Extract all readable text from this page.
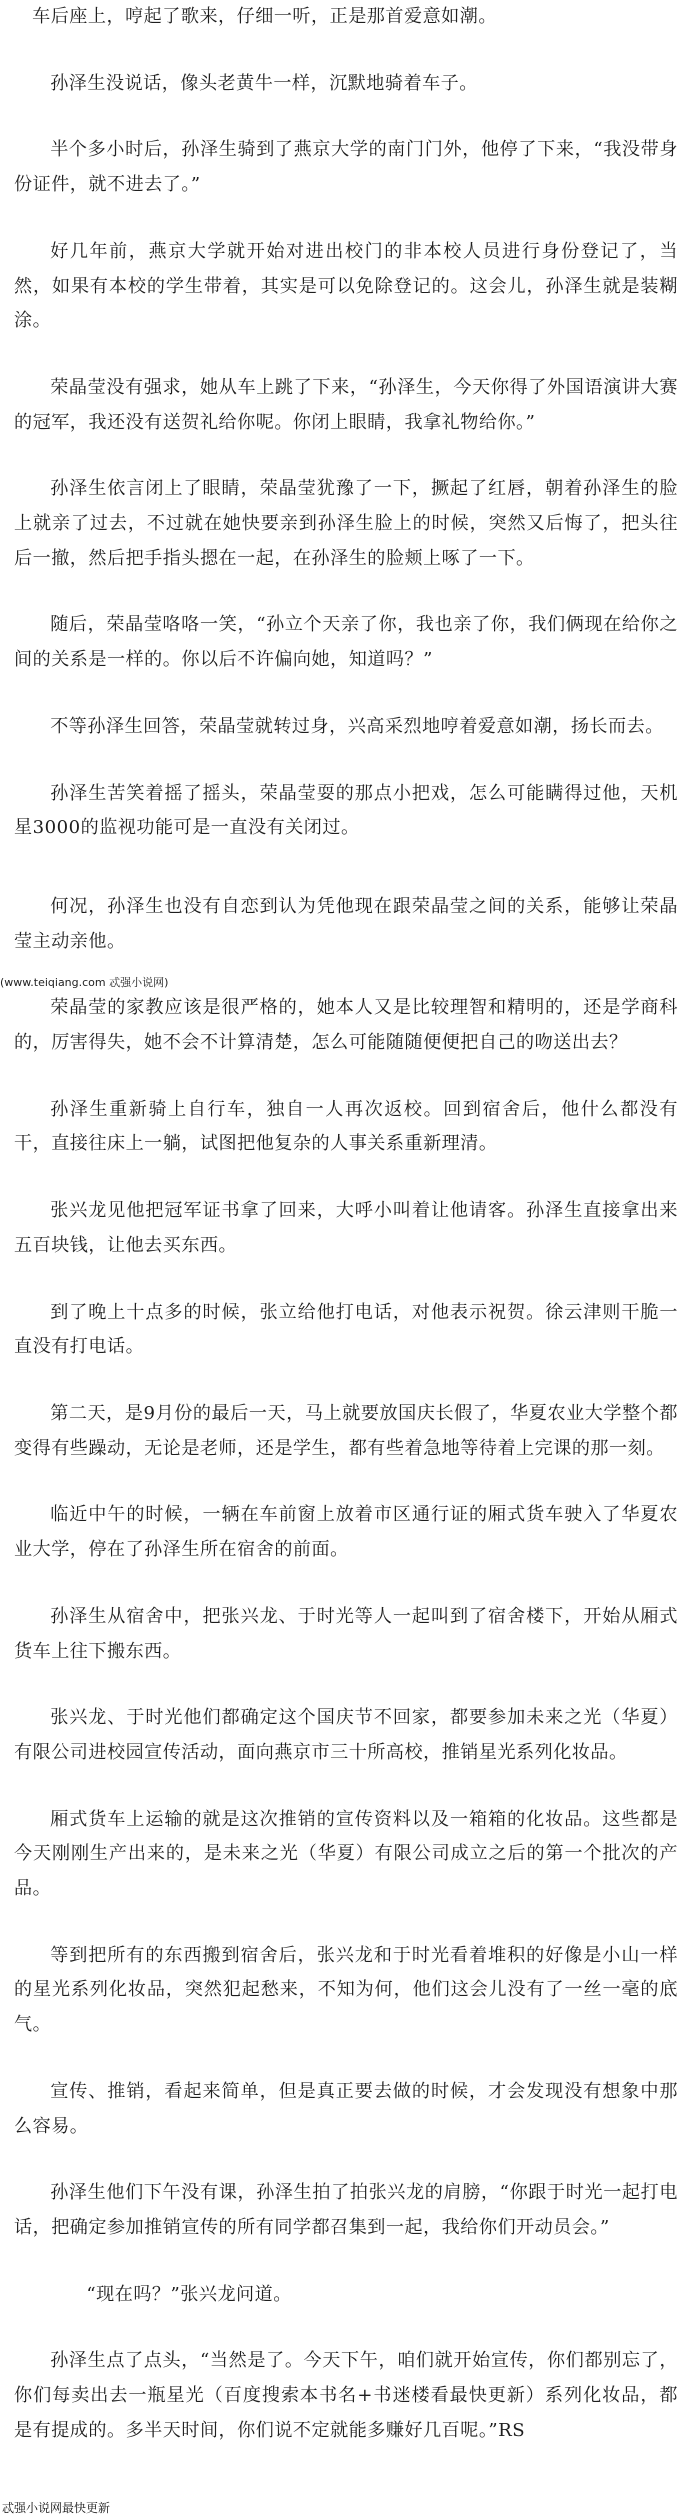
车后座上，哼起了歌来，仔细一听，正是那首爱意如潮。

孙泽生没说话，像头老黄牛一样，沉默地骑着车子。

半个多小时后，孙泽生骑到了燕京大学的南门门外，他停了下来，“我没带身份证件，就不进去了。”

好几年前，燕京大学就开始对进出校门的非本校人员进行身份登记了，当然，如果有本校的学生带着，其实是可以免除登记的。这会儿，孙泽生就是装糊涂。

荣晶莹没有强求，她从车上跳了下来，“孙泽生，今天你得了外国语演讲大赛的冠军，我还没有送贺礼给你呢。你闭上眼睛，我拿礼物给你。”

孙泽生依言闭上了眼睛，荣晶莹犹豫了一下，撅起了红唇，朝着孙泽生的脸上就亲了过去，不过就在她快要亲到孙泽生脸上的时候，突然又后悔了，把头往后一撤，然后把手指头摁在一起，在孙泽生的脸颊上啄了一下。

随后，荣晶莹咯咯一笑，“孙立个天亲了你，我也亲了你，我们俩现在给你之间的关系是一样的。你以后不许偏向她，知道吗？”

不等孙泽生回答，荣晶莹就转过身，兴高采烈地哼着爱意如潮，扬长而去。

孙泽生苦笑着摇了摇头，荣晶莹耍的那点小把戏，怎么可能瞒得过他，天机星3000的监视功能可是一直没有关闭过。

何况，孙泽生也没有自恋到认为凭他现在跟荣晶莹之间的关系，能够让荣晶莹主动亲他。

荣晶莹的家教应该是很严格的，她本人又是比较理智和精明的，还是学商科的，厉害得失，她不会不计算清楚，怎么可能随随便便把自己的吻送出去？

孙泽生重新骑上自行车，独自一人再次返校。回到宿舍后，他什么都没有干，直接往床上一躺，试图把他复杂的人事关系重新理清。

张兴龙见他把冠军证书拿了回来，大呼小叫着让他请客。孙泽生直接拿出来五百块钱，让他去买东西。

到了晚上十点多的时候，张立给他打电话，对他表示祝贺。徐云津则干脆一直没有打电话。

第二天，是9月份的最后一天，马上就要放国庆长假了，华夏农业大学整个都变得有些躁动，无论是老师，还是学生，都有些着急地等待着上完课的那一刻。

临近中午的时候，一辆在车前窗上放着市区通行证的厢式货车驶入了华夏农业大学，停在了孙泽生所在宿舍的前面。

孙泽生从宿舍中，把张兴龙、于时光等人一起叫到了宿舍楼下，开始从厢式货车上往下搬东西。

张兴龙、于时光他们都确定这个国庆节不回家，都要参加未来之光（华夏）有限公司进校园宣传活动，面向燕京市三十所高校，推销星光系列化妆品。

厢式货车上运输的就是这次推销的宣传资料以及一箱箱的化妆品。这些都是今天刚刚生产出来的，是未来之光（华夏）有限公司成立之后的第一个批次的产品。

等到把所有的东西搬到宿舍后，张兴龙和于时光看着堆积的好像是小山一样的星光系列化妆品，突然犯起愁来，不知为何，他们这会儿没有了一丝一毫的底气。

宣传、推销，看起来简单，但是真正要去做的时候，才会发现没有想象中那么容易。

孙泽生他们下午没有课，孙泽生拍了拍张兴龙的肩膀，“你跟于时光一起打电话，把确定参加推销宣传的所有同学都召集到一起，我给你们开动员会。”

“现在吗？”张兴龙问道。

孙泽生点了点头，“当然是了。今天下午，咱们就开始宣传，你们都别忘了，你们每卖出去一瓶星光（百度搜索本书名+书迷楼看最快更新）系列化妆品，都是有提成的。多半天时间，你们说不定就能多赚好几百呢。”RS

(www.teiqiang.com 忒强小说网)
忒强小说网最快更新
